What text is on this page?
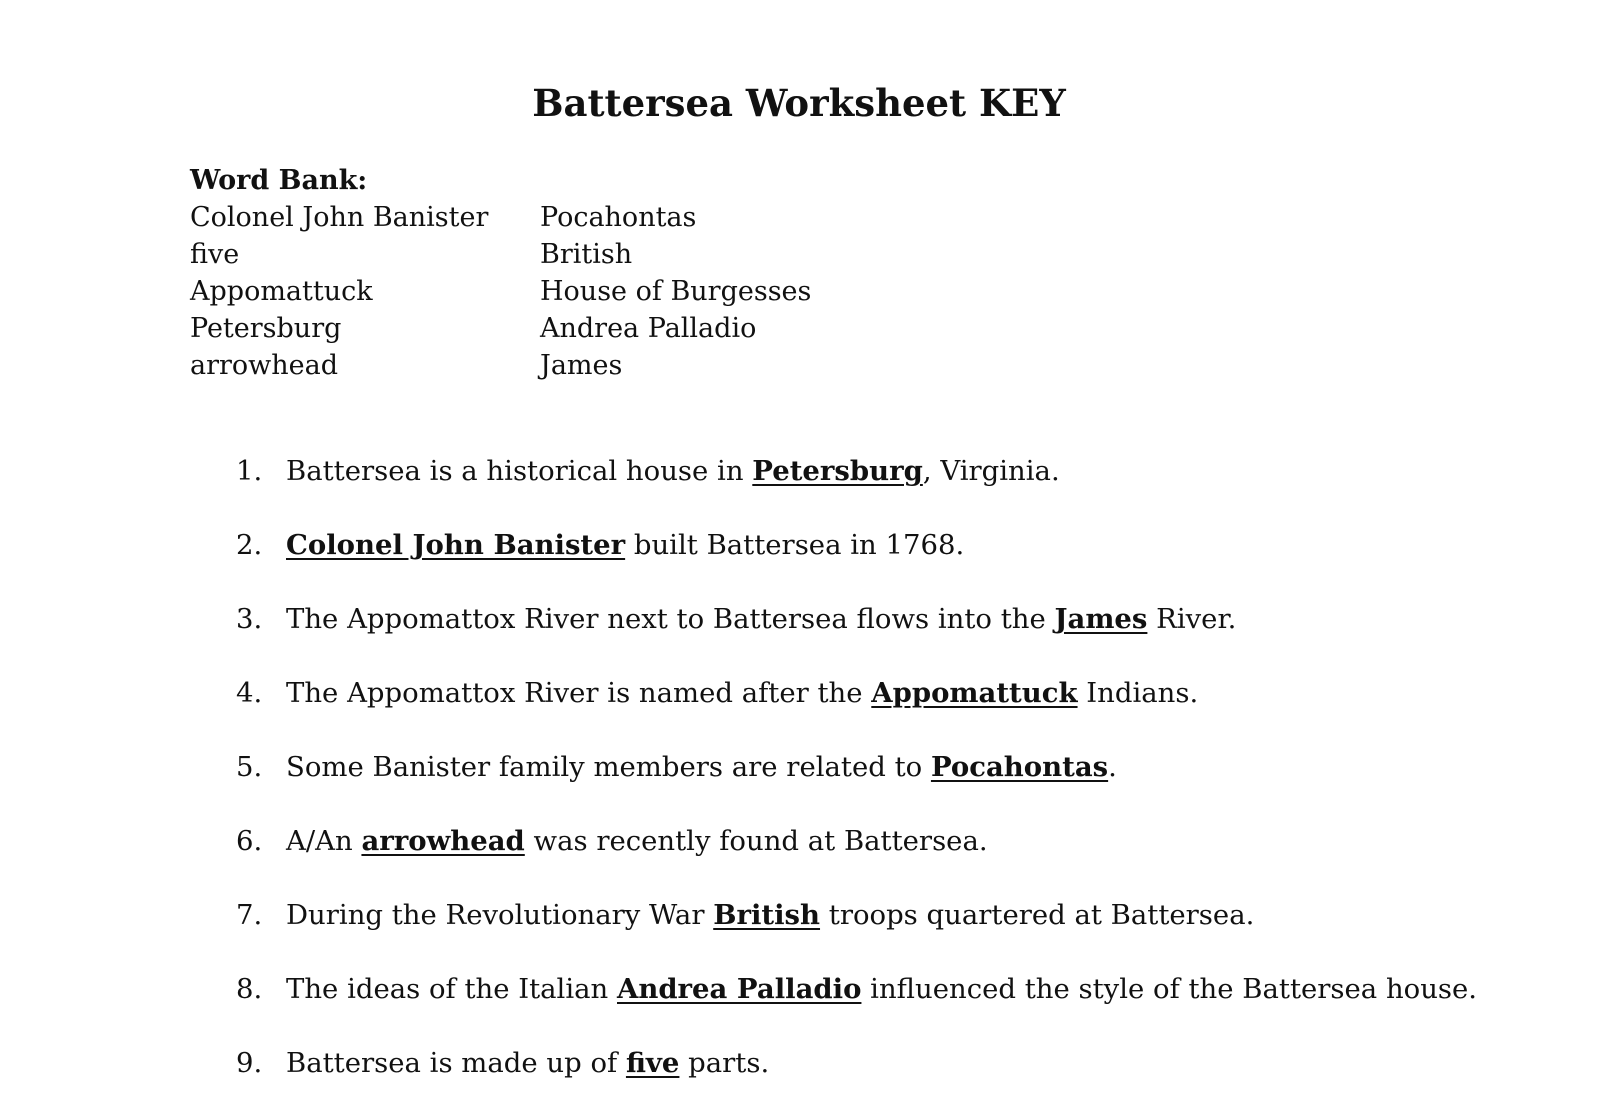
Battersea Worksheet KEY

Word Bank:

Colonel John Banister	Pocahontas
five	British
Appomattuck	House of Burgesses
Petersburg	Andrea Palladio
arrowhead	James
1. Battersea is a historical house in Petersburg, Virginia.
2. Colonel John Banister built Battersea in 1768.
3. The Appomattox River next to Battersea flows into the James River.
4. The Appomattox River is named after the Appomattuck Indians.
5. Some Banister family members are related to Pocahontas.
6. A/An arrowhead was recently found at Battersea.
7. During the Revolutionary War British troops quartered at Battersea.
8. The ideas of the Italian Andrea Palladio influenced the style of the Battersea house.
9. Battersea is made up of five parts.
